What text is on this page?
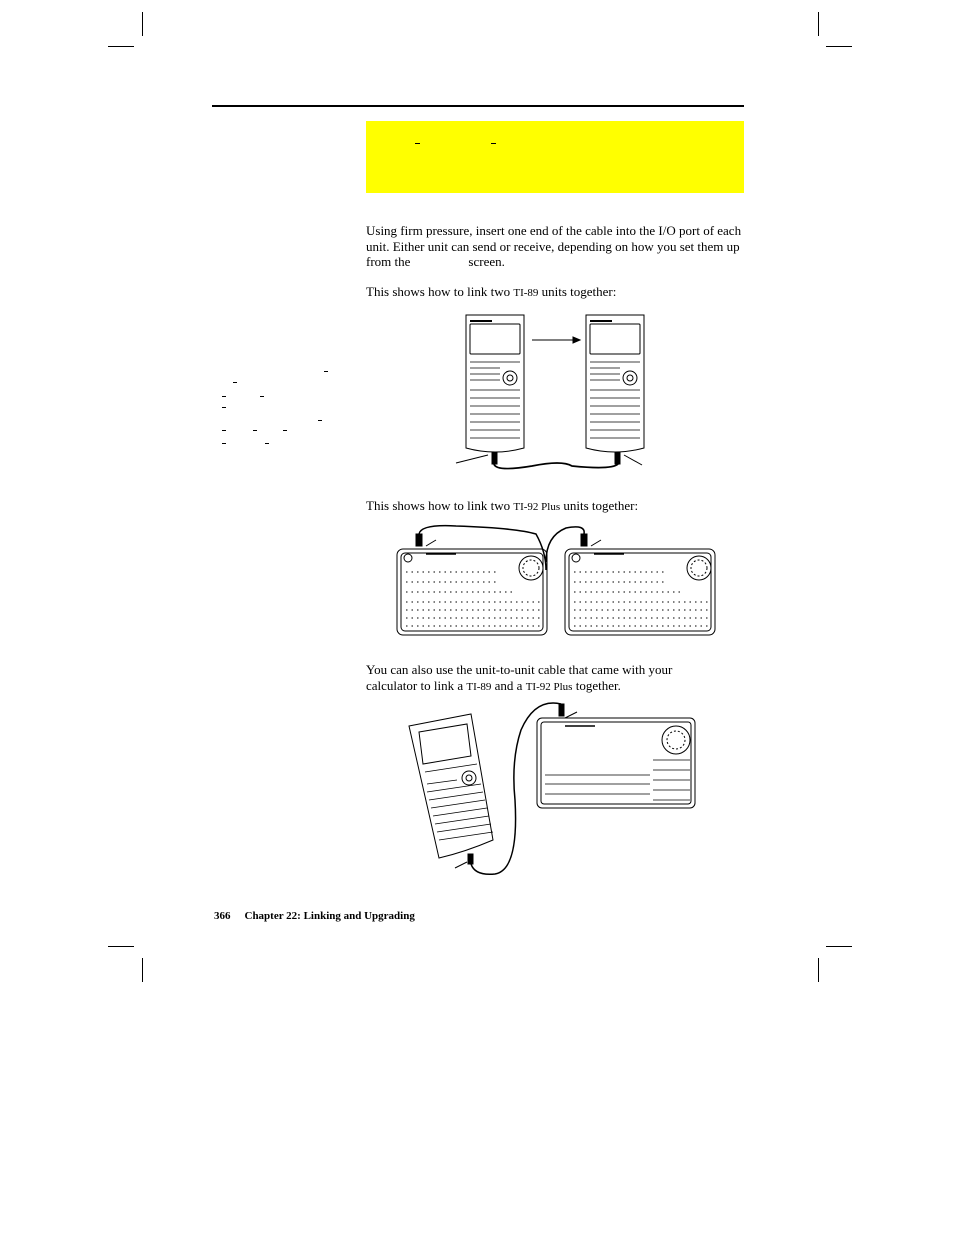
Using firm pressure, insert one end of the cable into the I/O port of each unit. Either unit can send or receive, depending on how you set them up from the	screen.

This shows how to link two TI-89 units together:

This shows how to link two TI-92 Plus units together:

You can also use the unit-to-unit cable that came with your
calculator to link a TI-89 and a TI-92 Plus together.

366 Chapter 22: Linking and Upgrading
